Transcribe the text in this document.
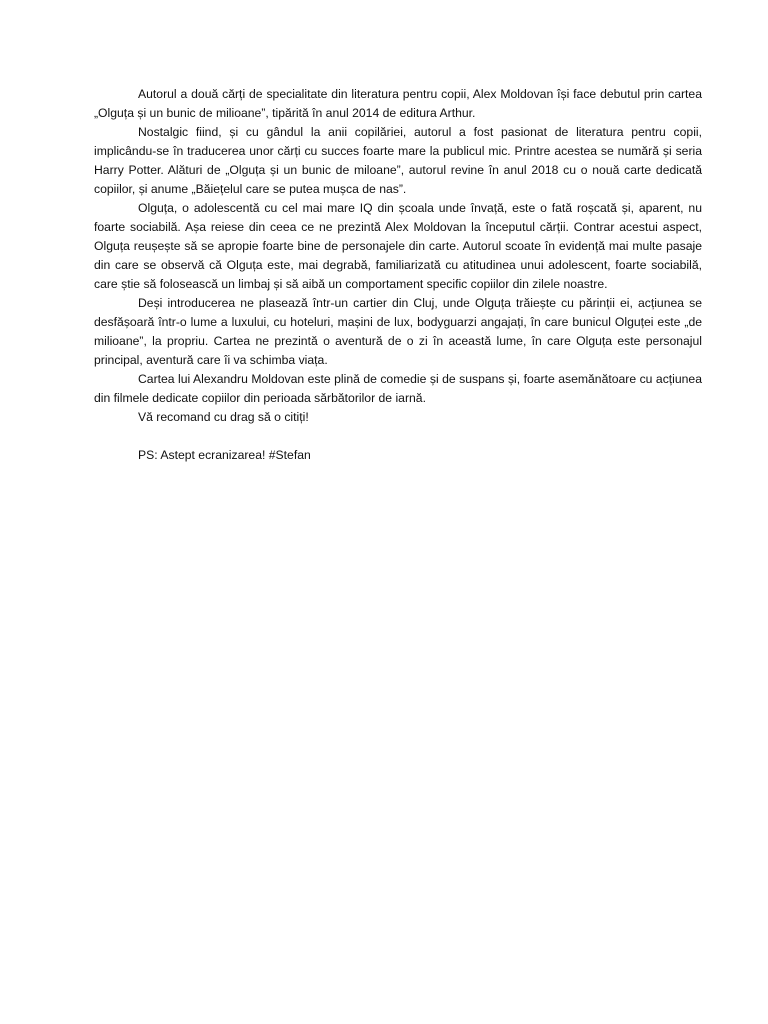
Autorul a două cărți de specialitate din literatura pentru copii, Alex Moldovan își face debutul prin cartea „Olguța și un bunic de milioane”, tipărită în anul 2014 de editura Arthur.

Nostalgic fiind, și cu gândul la anii copilăriei, autorul a fost pasionat de literatura pentru copii, implicându-se în traducerea unor cărți cu succes foarte mare la publicul mic. Printre acestea se numără și seria Harry Potter. Alături de „Olguța și un bunic de miloane”, autorul revine în anul 2018 cu o nouă carte dedicată copiilor, și anume „Băiețelul care se putea mușca de nas”.

Olguța, o adolescentă cu cel mai mare IQ din școala unde învață, este o fată roșcată și, aparent, nu foarte sociabilă. Așa reiese din ceea ce ne prezintă Alex Moldovan la începutul cărții. Contrar acestui aspect, Olguța reușește să se apropie foarte bine de personajele din carte. Autorul scoate în evidență mai multe pasaje din care se observă că Olguța este, mai degrabă, familiarizată cu atitudinea unui adolescent, foarte sociabilă, care știe să folosească un limbaj și să aibă un comportament specific copiilor din zilele noastre.

Deși introducerea ne plasează într-un cartier din Cluj, unde Olguța trăiește cu părinții ei, acțiunea se desfășoară într-o lume a luxului, cu hoteluri, mașini de lux, bodyguarzi angajați, în care bunicul Olguței este „de milioane”, la propriu. Cartea ne prezintă o aventură de o zi în această lume, în care Olguța este personajul principal, aventură care îi va schimba viața.

Cartea lui Alexandru Moldovan este plină de comedie și de suspans și, foarte asemănătoare cu acțiunea din filmele dedicate copiilor din perioada sărbătorilor de iarnă.

Vă recomand cu drag să o citiți!

PS: Astept ecranizarea! #Stefan
